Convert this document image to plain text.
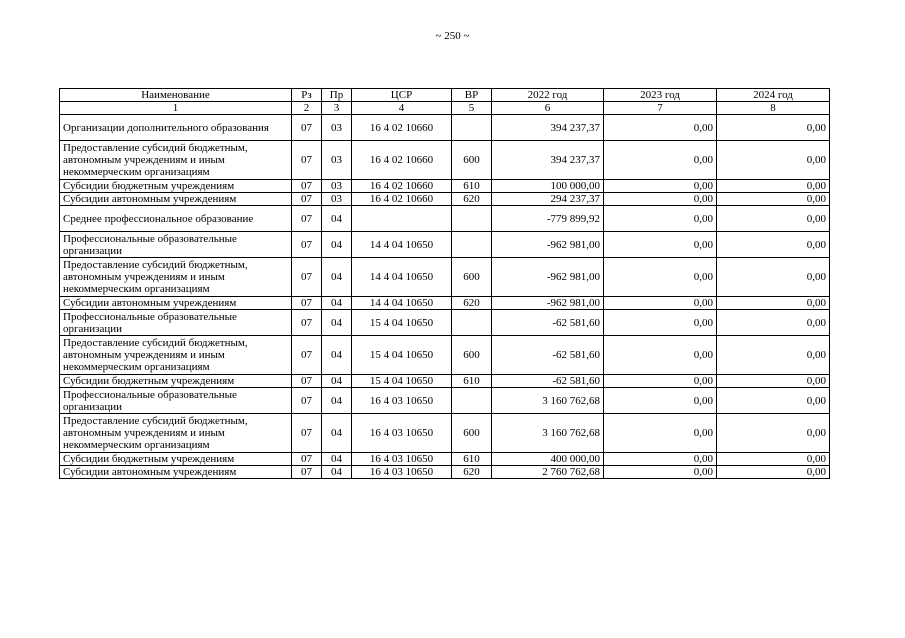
~ 250 ~
Наименование	Рз	Пр	ЦСР	ВР	2022 год	2023 год	2024 год
1	2	3	4	5	6	7	8
Организации дополнительного образования	07	03	16 4 02 10660		394 237,37	0,00	0,00
Предоставление субсидий бюджетным, автономным учреждениям и иным некоммерческим организациям	07	03	16 4 02 10660	600	394 237,37	0,00	0,00
Субсидии бюджетным учреждениям	07	03	16 4 02 10660	610	100 000,00	0,00	0,00
Субсидии автономным учреждениям	07	03	16 4 02 10660	620	294 237,37	0,00	0,00
Среднее профессиональное образование	07	04			-779 899,92	0,00	0,00
Профессиональные образовательные организации	07	04	14 4 04 10650		-962 981,00	0,00	0,00
Предоставление субсидий бюджетным, автономным учреждениям и иным некоммерческим организациям	07	04	14 4 04 10650	600	-962 981,00	0,00	0,00
Субсидии автономным учреждениям	07	04	14 4 04 10650	620	-962 981,00	0,00	0,00
Профессиональные образовательные организации	07	04	15 4 04 10650		-62 581,60	0,00	0,00
Предоставление субсидий бюджетным, автономным учреждениям и иным некоммерческим организациям	07	04	15 4 04 10650	600	-62 581,60	0,00	0,00
Субсидии бюджетным учреждениям	07	04	15 4 04 10650	610	-62 581,60	0,00	0,00
Профессиональные образовательные организации	07	04	16 4 03 10650		3 160 762,68	0,00	0,00
Предоставление субсидий бюджетным, автономным учреждениям и иным некоммерческим организациям	07	04	16 4 03 10650	600	3 160 762,68	0,00	0,00
Субсидии бюджетным учреждениям	07	04	16 4 03 10650	610	400 000,00	0,00	0,00
Субсидии автономным учреждениям	07	04	16 4 03 10650	620	2 760 762,68	0,00	0,00
